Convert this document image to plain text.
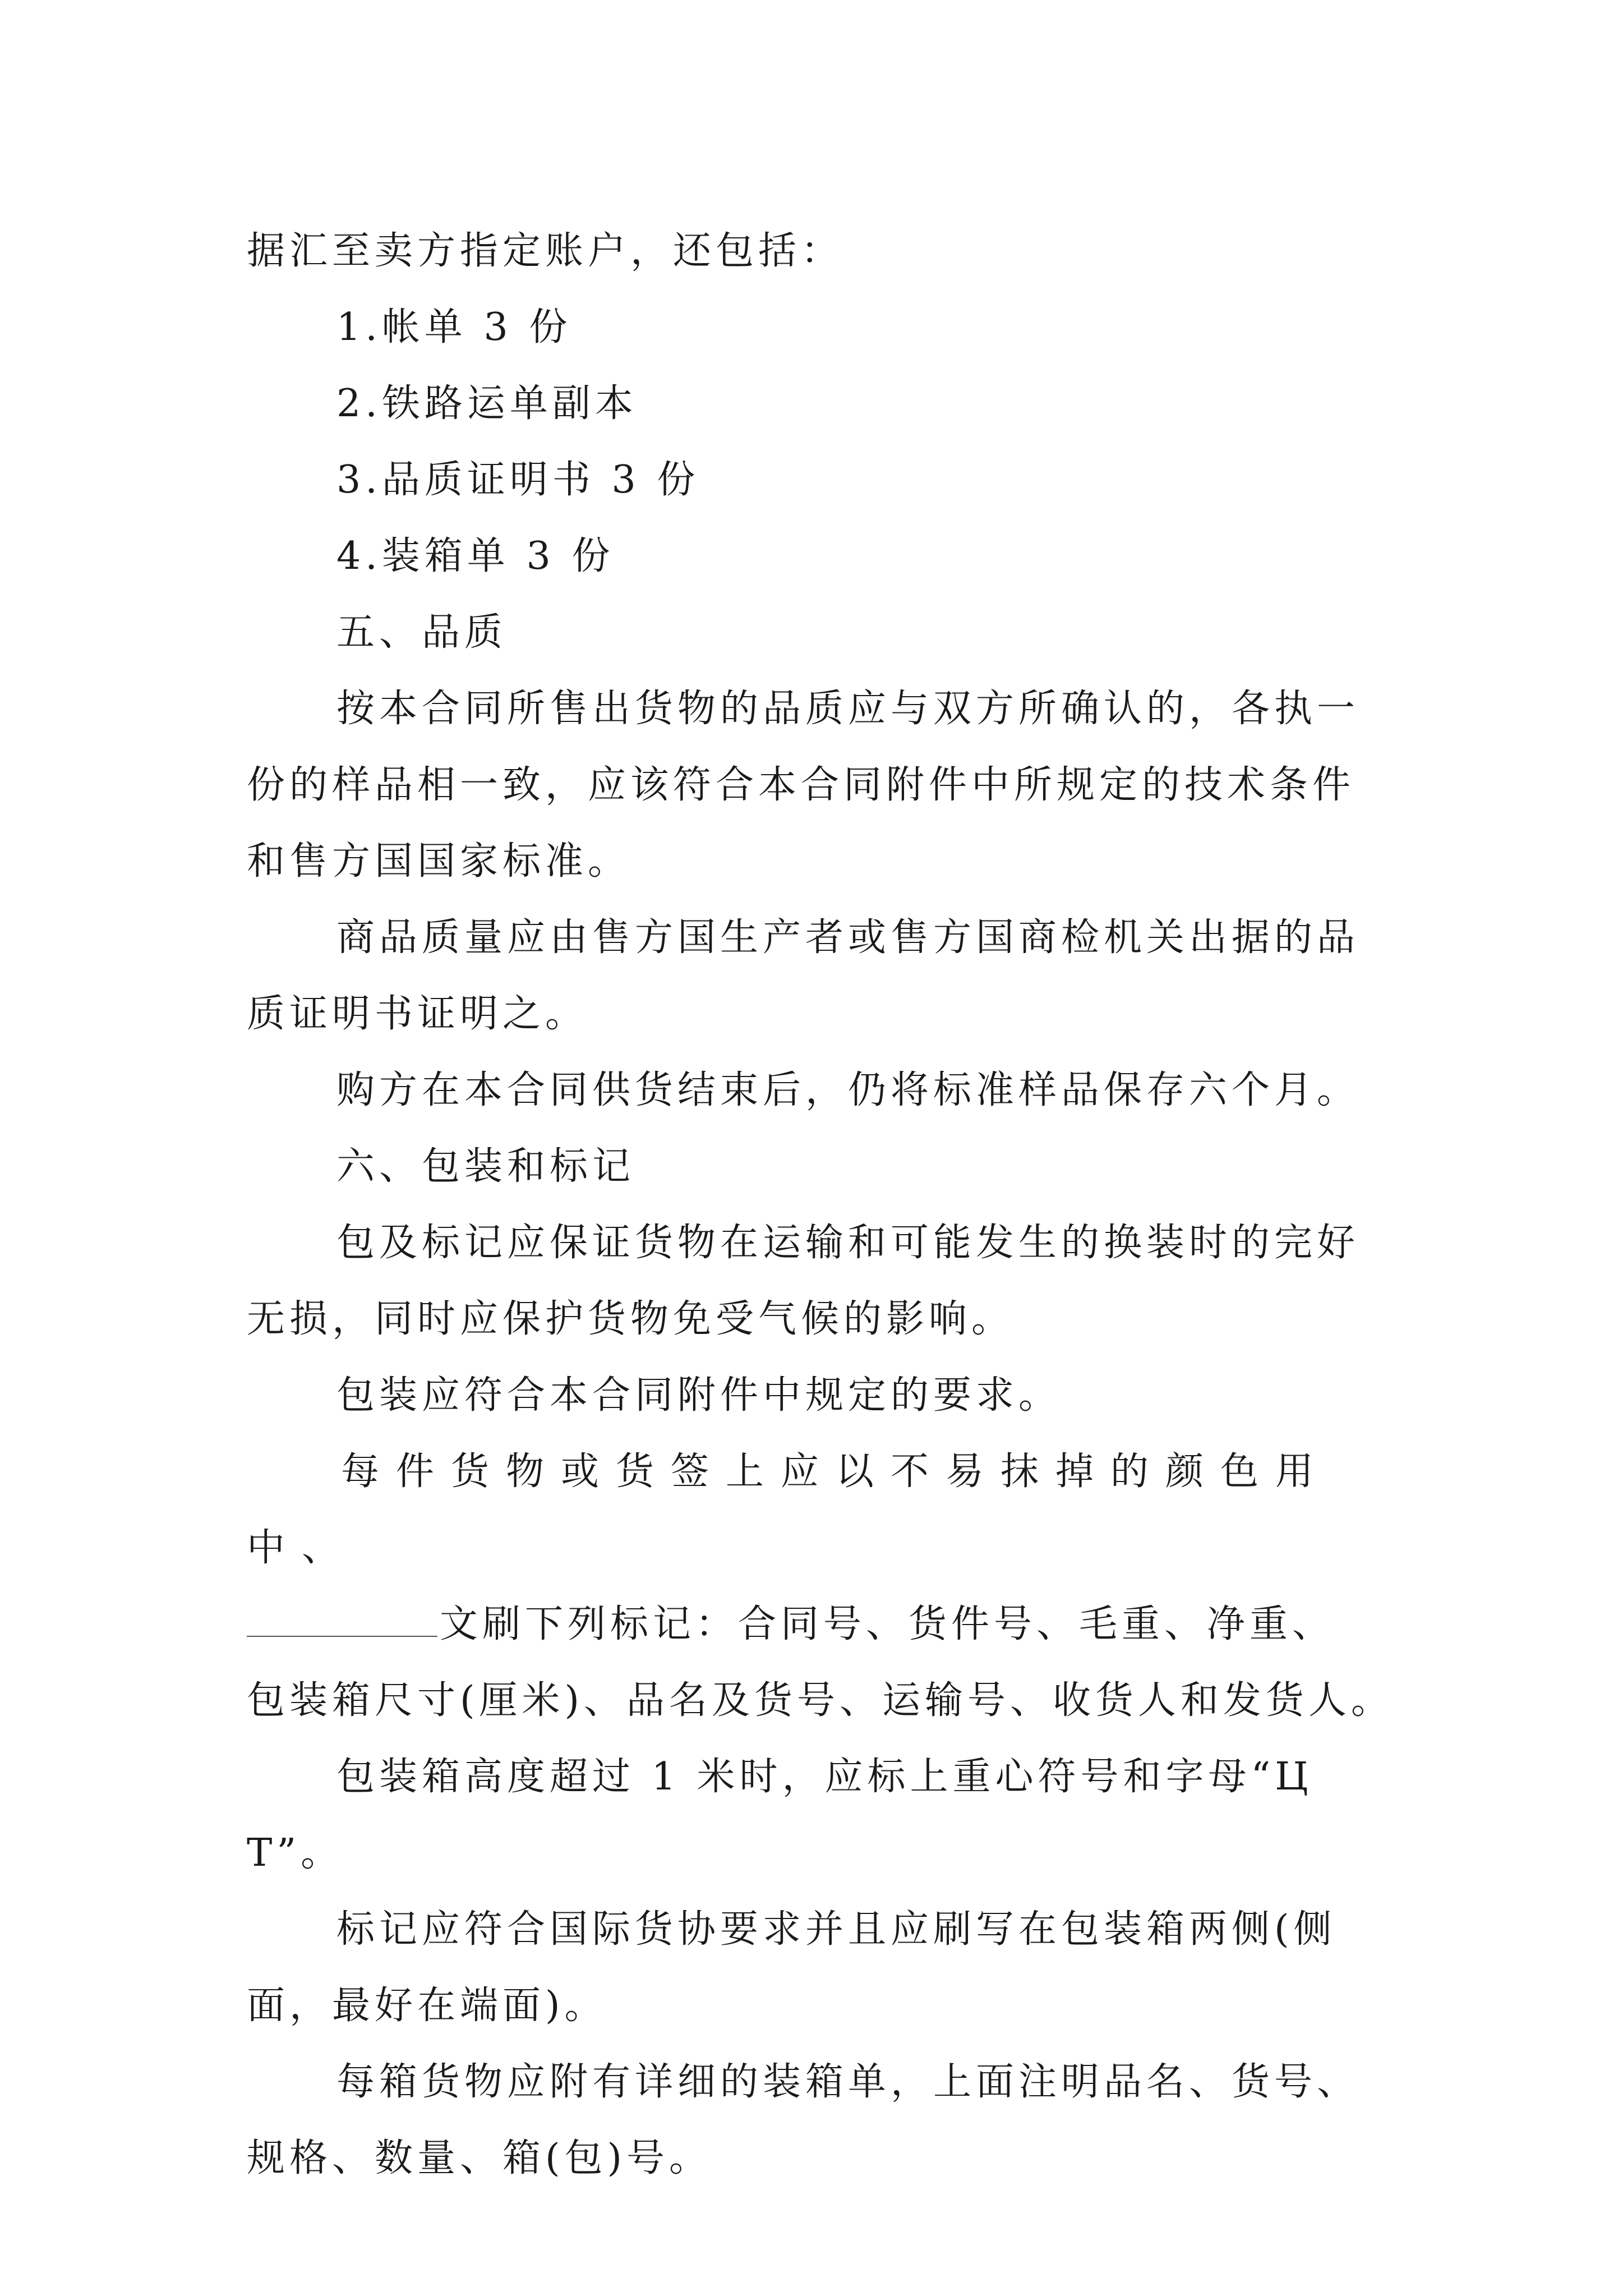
据汇至卖方指定账户，还包括：

1.帐单 3 份

2.铁路运单副本

3.品质证明书 3 份

4.装箱单 3 份

五、品质

按本合同所售出货物的品质应与双方所确认的，各执一份的样品相一致，应该符合本合同附件中所规定的技术条件和售方国国家标准。

商品质量应由售方国生产者或售方国商检机关出据的品质证明书证明之。

购方在本合同供货结束后，仍将标准样品保存六个月。

六、包装和标记

包及标记应保证货物在运输和可能发生的换装时的完好无损，同时应保护货物免受气候的影响。

包装应符合本合同附件中规定的要求。

每件货物或货签上应以不易抹掉的颜色用中、

文刷下列标记：合同号、货件号、毛重、净重、

包装箱尺寸(厘米)、品名及货号、运输号、收货人和发货人。

包装箱高度超过 1 米时，应标上重心符号和字母“ЦТ”。

标记应符合国际货协要求并且应刷写在包装箱两侧(侧面，最好在端面)。

每箱货物应附有详细的装箱单，上面注明品名、货号、规格、数量、箱(包)号。
